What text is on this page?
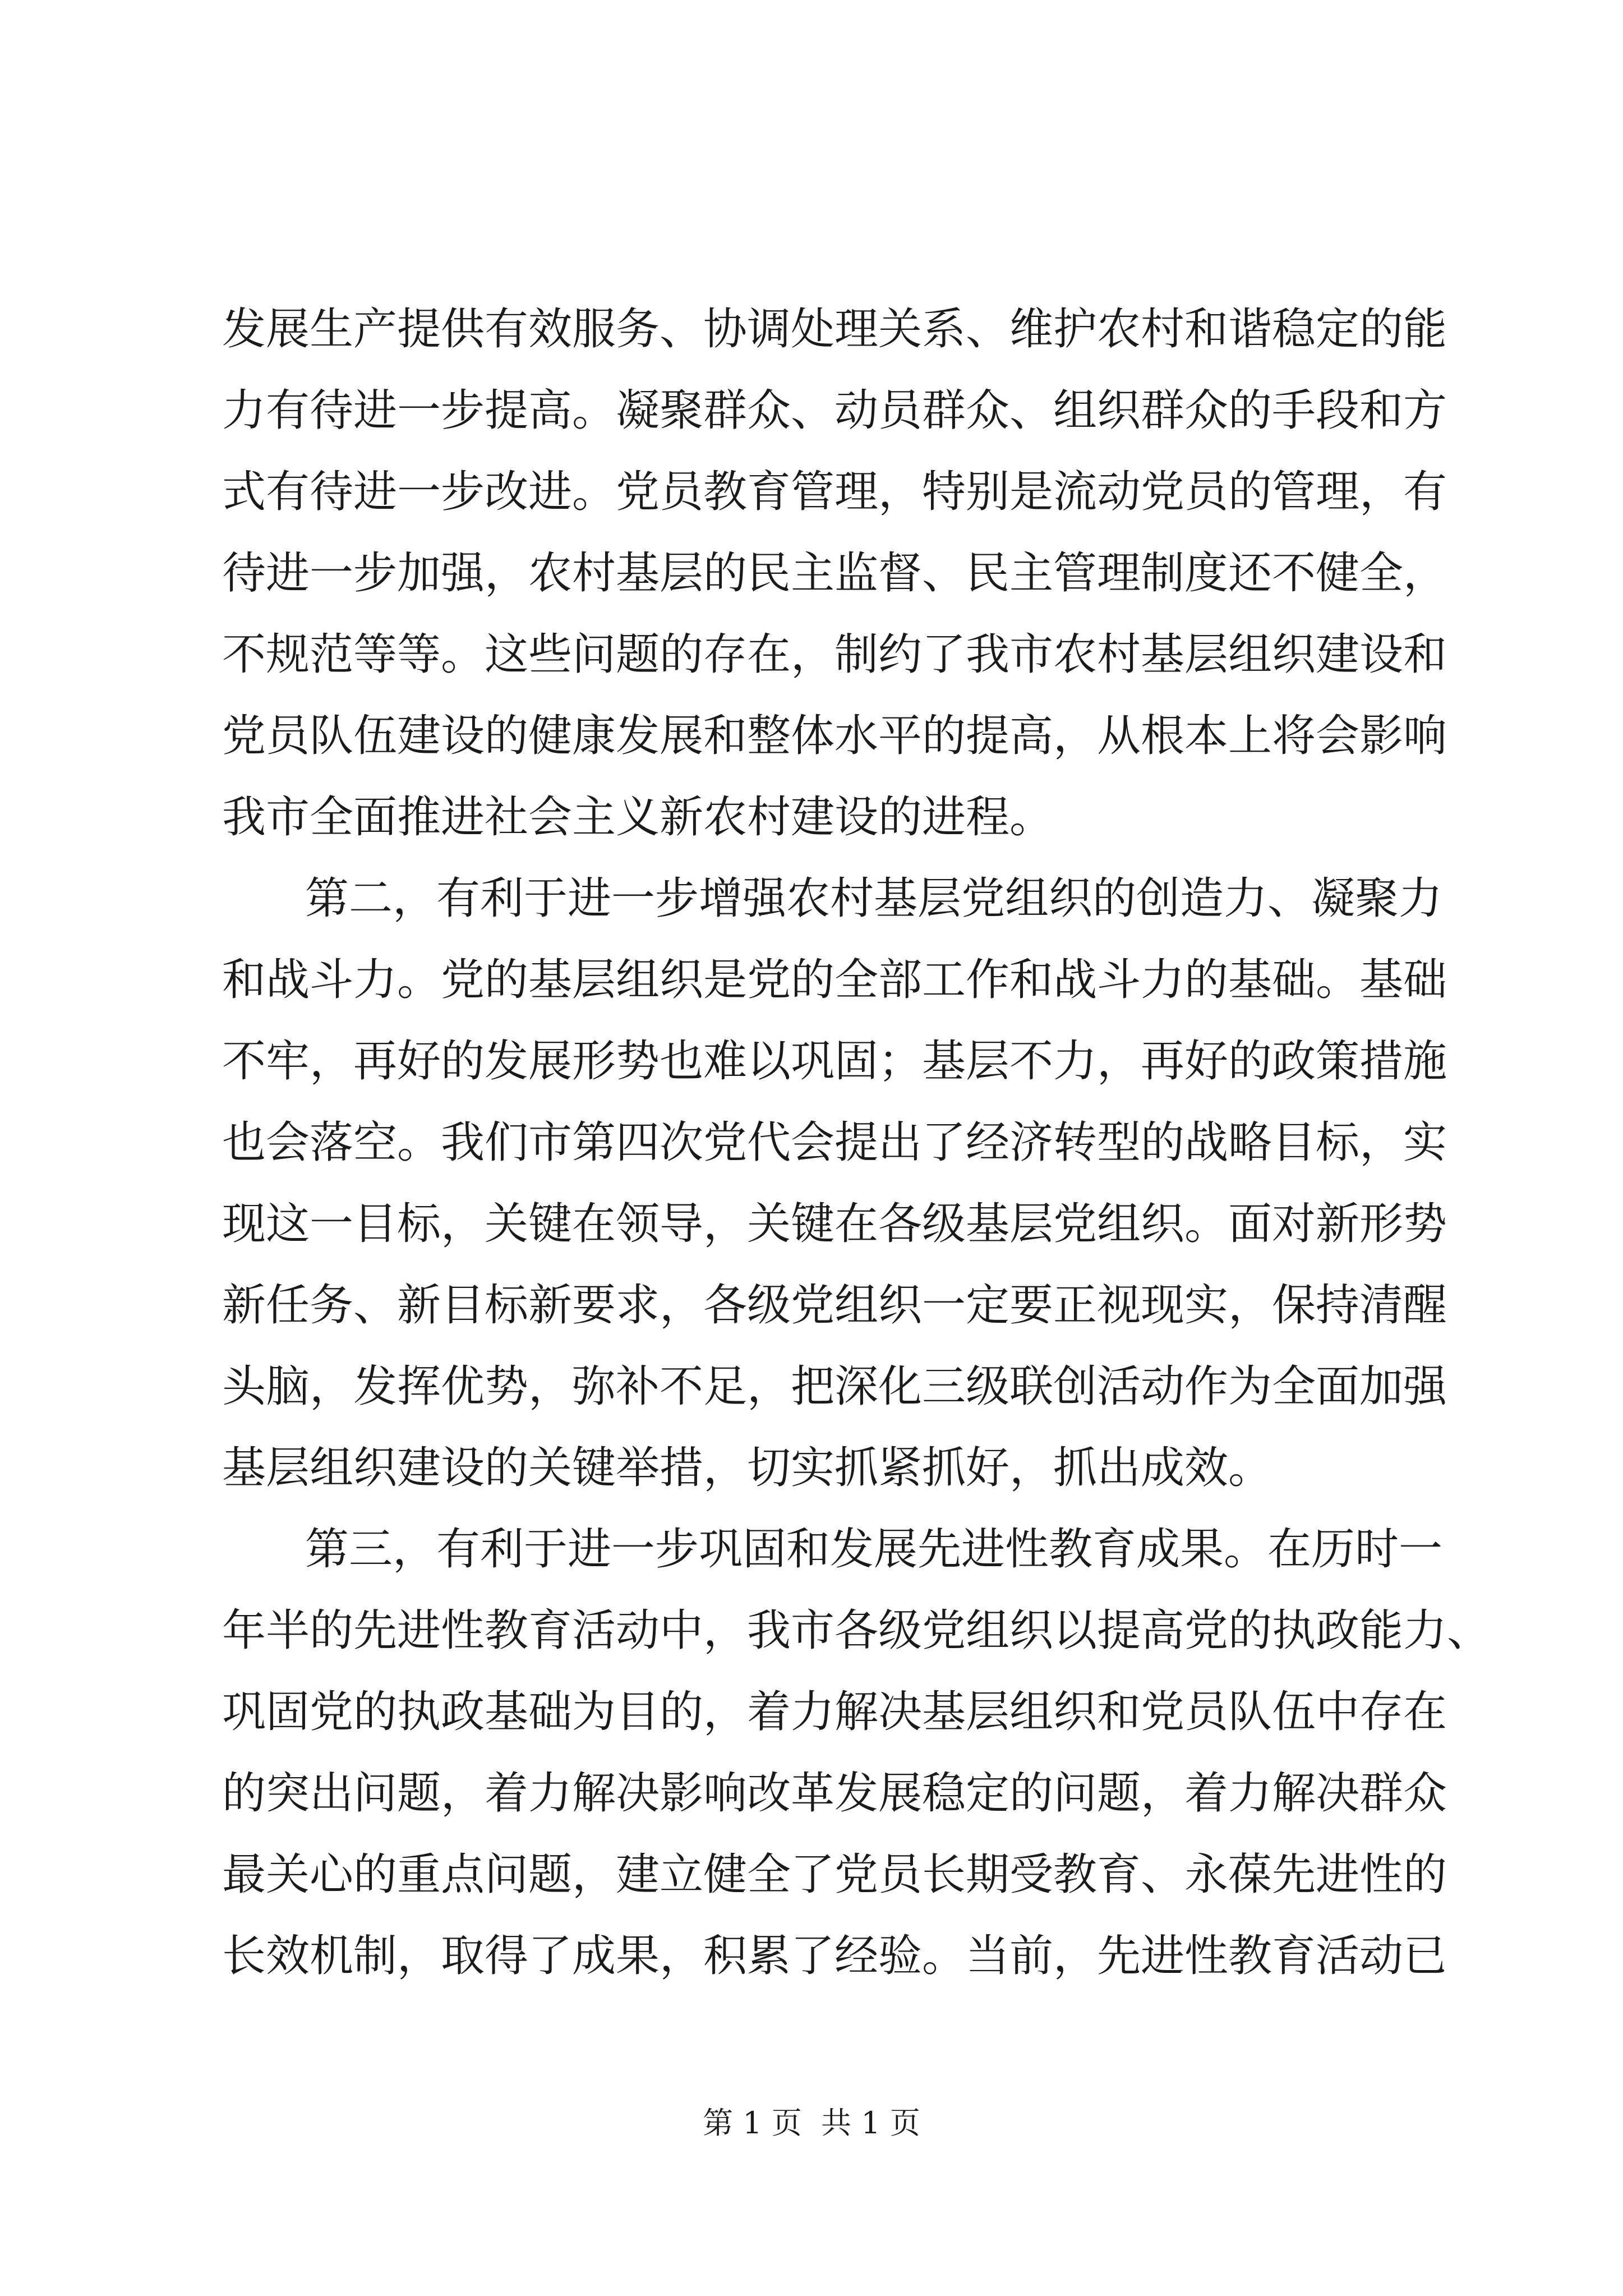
发展生产提供有效服务、协调处理关系、维护农村和谐稳定的能
力有待进一步提高。凝聚群众、动员群众、组织群众的手段和方
式有待进一步改进。党员教育管理，特别是流动党员的管理，有
待进一步加强，农村基层的民主监督、民主管理制度还不健全，
不规范等等。这些问题的存在，制约了我市农村基层组织建设和
党员队伍建设的健康发展和整体水平的提高，从根本上将会影响
我市全面推进社会主义新农村建设的进程。
第二，有利于进一步增强农村基层党组织的创造力、凝聚力
和战斗力。党的基层组织是党的全部工作和战斗力的基础。基础
不牢，再好的发展形势也难以巩固；基层不力，再好的政策措施
也会落空。我们市第四次党代会提出了经济转型的战略目标，实
现这一目标，关键在领导，关键在各级基层党组织。面对新形势
新任务、新目标新要求，各级党组织一定要正视现实，保持清醒
头脑，发挥优势，弥补不足，把深化三级联创活动作为全面加强
基层组织建设的关键举措，切实抓紧抓好，抓出成效。
第三，有利于进一步巩固和发展先进性教育成果。在历时一
年半的先进性教育活动中，我市各级党组织以提高党的执政能力、
巩固党的执政基础为目的，着力解决基层组织和党员队伍中存在
的突出问题，着力解决影响改革发展稳定的问题，着力解决群众
最关心的重点问题，建立健全了党员长期受教育、永葆先进性的
长效机制，取得了成果，积累了经验。当前，先进性教育活动已
第 1 页  共 1 页
